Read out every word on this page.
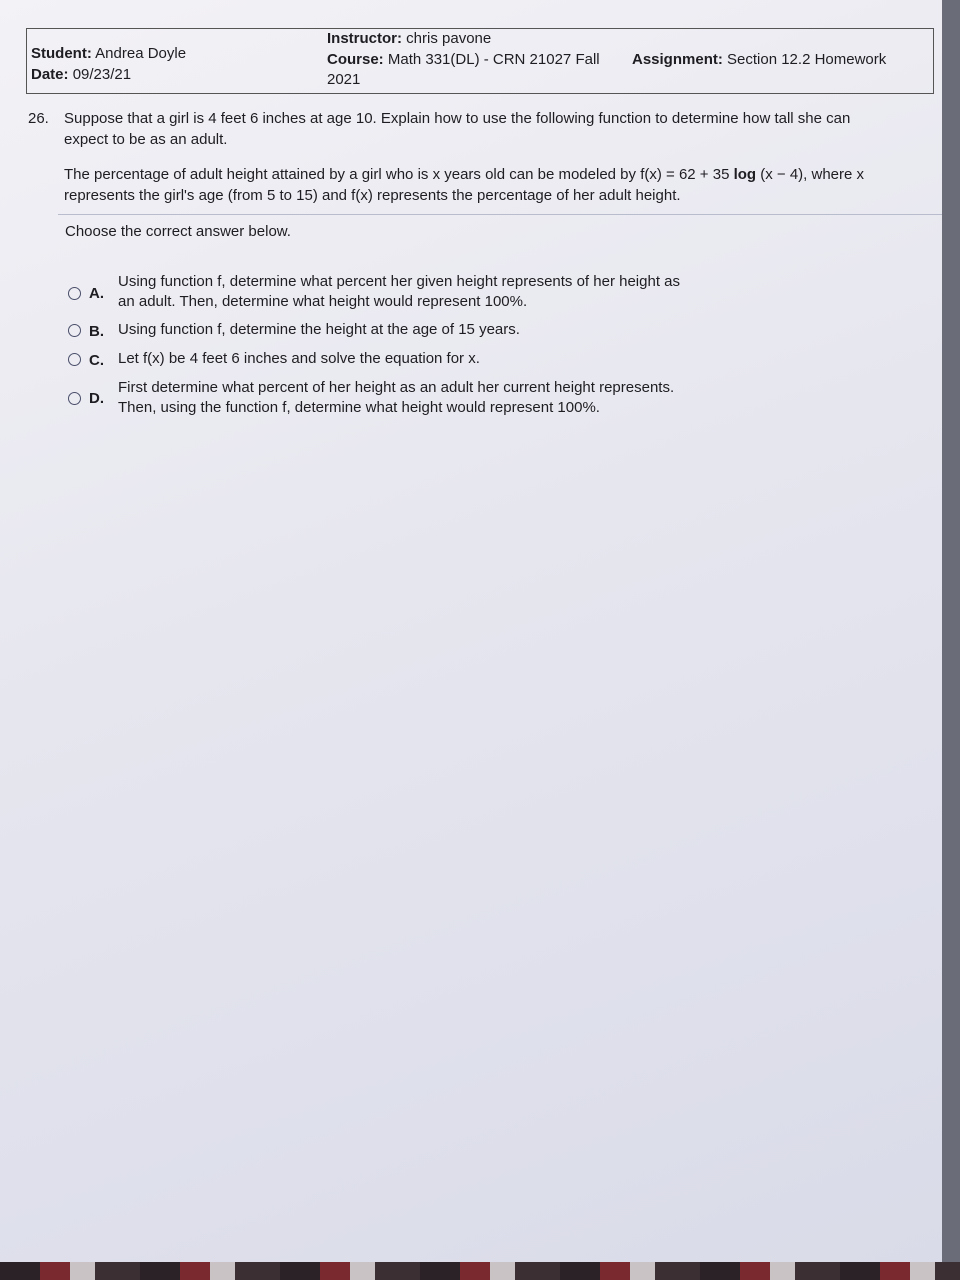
Student: Andrea Doyle
Date: 09/23/21
Instructor: chris pavone
Course: Math 331(DL) - CRN 21027 Fall
2021
Assignment: Section 12.2 Homework
26. Suppose that a girl is 4 feet 6 inches at age 10. Explain how to use the following function to determine how tall she can
expect to be as an adult.
The percentage of adult height attained by a girl who is x years old can be modeled by f(x) = 62 + 35 log (x − 4), where x
represents the girl's age (from 5 to 15) and f(x) represents the percentage of her adult height.
Choose the correct answer below.
A.
Using function f, determine what percent her given height represents of her height as
an adult. Then, determine what height would represent 100%.
B. Using function f, determine the height at the age of 15 years.
C. Let f(x) be 4 feet 6 inches and solve the equation for x.
D.
First determine what percent of her height as an adult her current height represents.
Then, using the function f, determine what height would represent 100%.
